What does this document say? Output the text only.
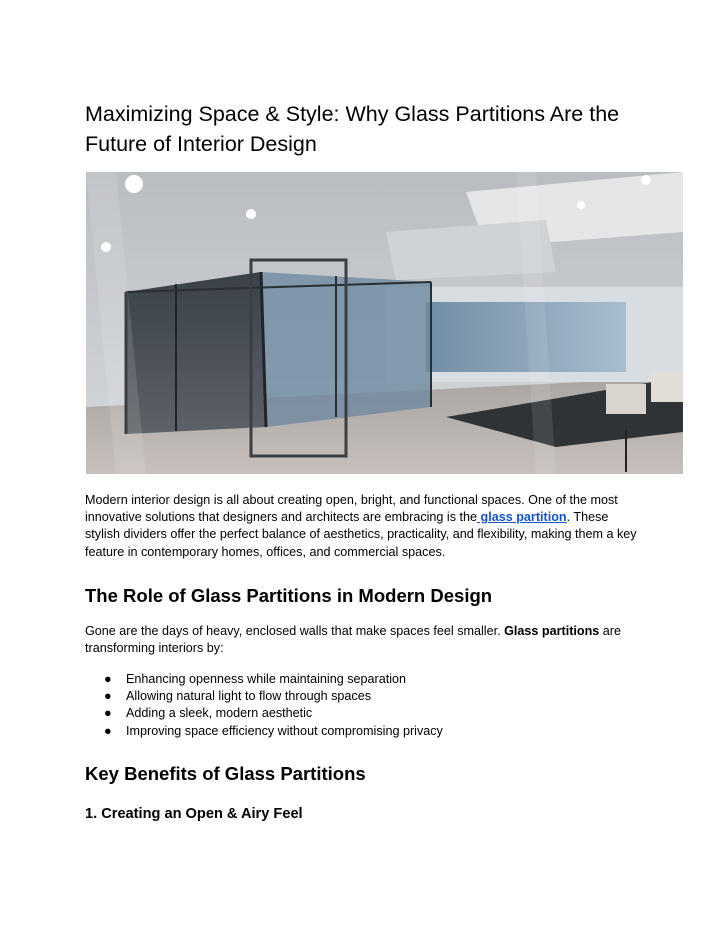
Maximizing Space & Style: Why Glass Partitions Are the Future of Interior Design

Modern interior design is all about creating open, bright, and functional spaces. One of the most innovative solutions that designers and architects are embracing is the glass partition. These stylish dividers offer the perfect balance of aesthetics, practicality, and flexibility, making them a key feature in contemporary homes, offices, and commercial spaces.

The Role of Glass Partitions in Modern Design

Gone are the days of heavy, enclosed walls that make spaces feel smaller. Glass partitions are transforming interiors by:

● Enhancing openness while maintaining separation
● Allowing natural light to flow through spaces
● Adding a sleek, modern aesthetic
● Improving space efficiency without compromising privacy
Key Benefits of Glass Partitions
1. Creating an Open & Airy Feel
